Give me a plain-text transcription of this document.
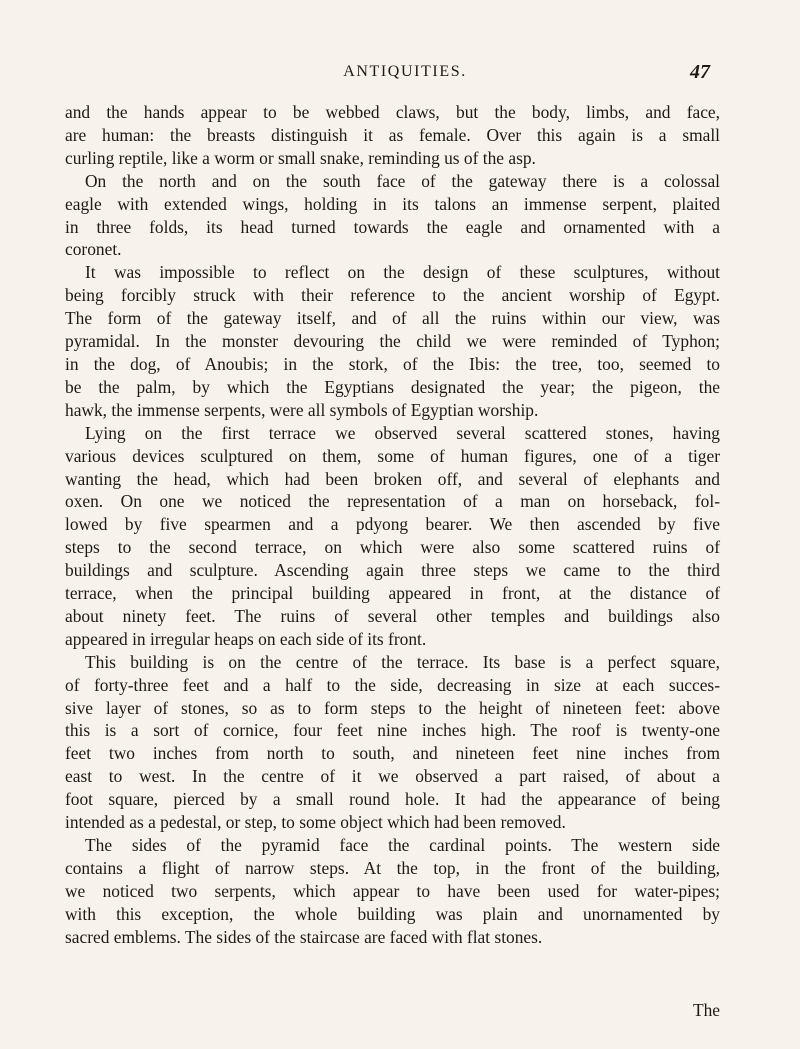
ANTIQUITIES.	47

and the hands appear to be webbed claws, but the body, limbs, and face,
are human: the breasts distinguish it as female. Over this again is a small
curling reptile, like a worm or small snake, reminding us of the asp.

On the north and on the south face of the gateway there is a colossal
eagle with extended wings, holding in its talons an immense serpent, plaited
in three folds, its head turned towards the eagle and ornamented with a
coronet.

It was impossible to reflect on the design of these sculptures, without
being forcibly struck with their reference to the ancient worship of Egypt.
The form of the gateway itself, and of all the ruins within our view, was
pyramidal. In the monster devouring the child we were reminded of Typhon;
in the dog, of Anoubis; in the stork, of the Ibis: the tree, too, seemed to
be the palm, by which the Egyptians designated the year; the pigeon, the
hawk, the immense serpents, were all symbols of Egyptian worship.

Lying on the first terrace we observed several scattered stones, having
various devices sculptured on them, some of human figures, one of a tiger
wanting the head, which had been broken off, and several of elephants and
oxen. On one we noticed the representation of a man on horseback, fol-
lowed by five spearmen and a pdyong bearer. We then ascended by five
steps to the second terrace, on which were also some scattered ruins of
buildings and sculpture. Ascending again three steps we came to the third
terrace, when the principal building appeared in front, at the distance of
about ninety feet. The ruins of several other temples and buildings also
appeared in irregular heaps on each side of its front.

This building is on the centre of the terrace. Its base is a perfect square,
of forty-three feet and a half to the side, decreasing in size at each succes-
sive layer of stones, so as to form steps to the height of nineteen feet: above
this is a sort of cornice, four feet nine inches high. The roof is twenty-one
feet two inches from north to south, and nineteen feet nine inches from
east to west. In the centre of it we observed a part raised, of about a
foot square, pierced by a small round hole. It had the appearance of being
intended as a pedestal, or step, to some object which had been removed.

The sides of the pyramid face the cardinal points. The western side
contains a flight of narrow steps. At the top, in the front of the building,
we noticed two serpents, which appear to have been used for water-pipes;
with this exception, the whole building was plain and unornamented by
sacred emblems. The sides of the staircase are faced with flat stones.

The
